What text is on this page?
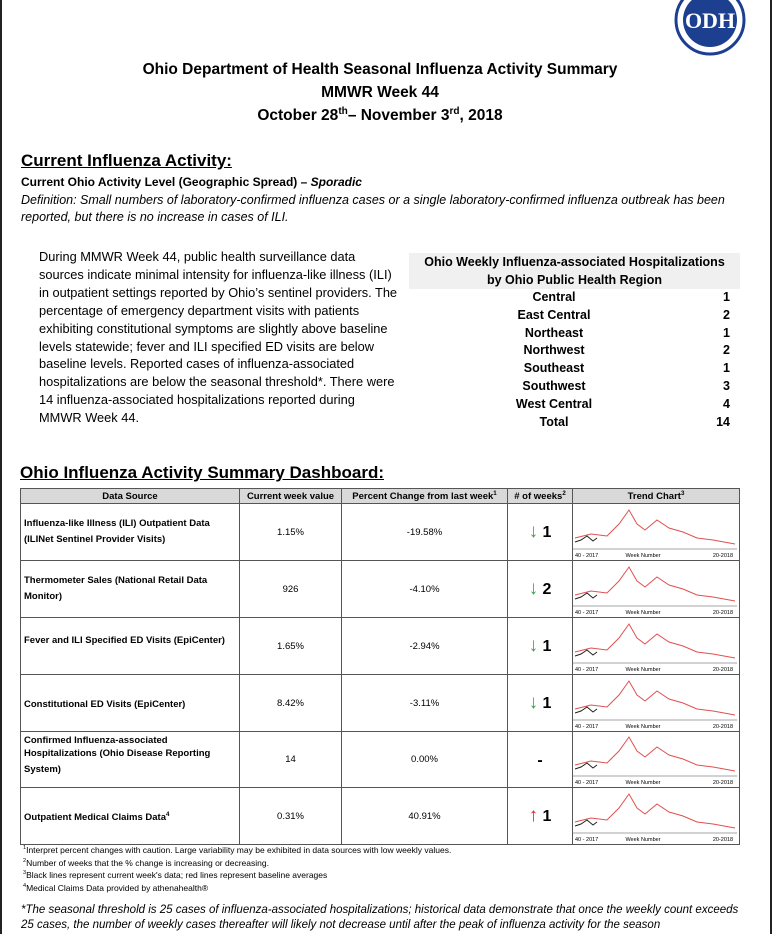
ODH
Ohio Department of Health Seasonal Influenza Activity Summary
MMWR Week 44
October 28th– November 3rd, 2018
Current Influenza Activity:
Current Ohio Activity Level (Geographic Spread) – Sporadic
Definition: Small numbers of laboratory-confirmed influenza cases or a single laboratory-confirmed influenza outbreak has been reported, but there is no increase in cases of ILI.
During MMWR Week 44, public health surveillance data sources indicate minimal intensity for influenza-like illness (ILI) in outpatient settings reported by Ohio’s sentinel providers. The percentage of emergency department visits with patients exhibiting constitutional symptoms are slightly above baseline levels statewide; fever and ILI specified ED visits are below baseline levels. Reported cases of influenza-associated hospitalizations are below the seasonal threshold*. There were 14 influenza-associated hospitalizations reported during MMWR Week 44.
Ohio Weekly Influenza-associated Hospitalizations
by Ohio Public Health Region
Central	1
East Central	2
Northeast	1
Northwest	2
Southeast	1
Southwest	3
West Central	4
Total	14
Ohio Influenza Activity Summary Dashboard:
Data Source	Current week value	Percent Change from last week$^1$	# of weeks$^2$	Trend Chart$^3$
Influenza-like Illness (ILI) Outpatient Data (ILINet Sentinel Provider Visits)	1.15%	-19.58%	↓ 1	40 - 2017 Week Number 20-2018

Thermometer Sales (National Retail Data Monitor)	926	-4.10%	↓ 2	40 - 2017 Week Number 20-2018

Fever and ILI Specified ED Visits (EpiCenter)	1.65%	-2.94%	↓ 1	40 - 2017 Week Number 20-2018

Constitutional ED Visits (EpiCenter)	8.42%	-3.11%	↓ 1	40 - 2017 Week Number 20-2018

Confirmed Influenza-associated Hospitalizations (Ohio Disease Reporting System)	14	0.00%	-	40 - 2017 Week Number 20-2018

Outpatient Medical Claims Data$^4$	0.31%	40.91%	↑ 1	40 - 2017 Week Number 20-2018
$^1$Interpret percent changes with caution. Large variability may be exhibited in data sources with low weekly values.
$^2$Number of weeks that the % change is increasing or decreasing.
$^3$Black lines represent current week's data; red lines represent baseline averages
$^4$Medical Claims Data provided by athenahealth®
*The seasonal threshold is 25 cases of influenza-associated hospitalizations; historical data demonstrate that once the weekly count exceeds 25 cases, the number of weekly cases thereafter will likely not decrease until after the peak of influenza activity for the season
